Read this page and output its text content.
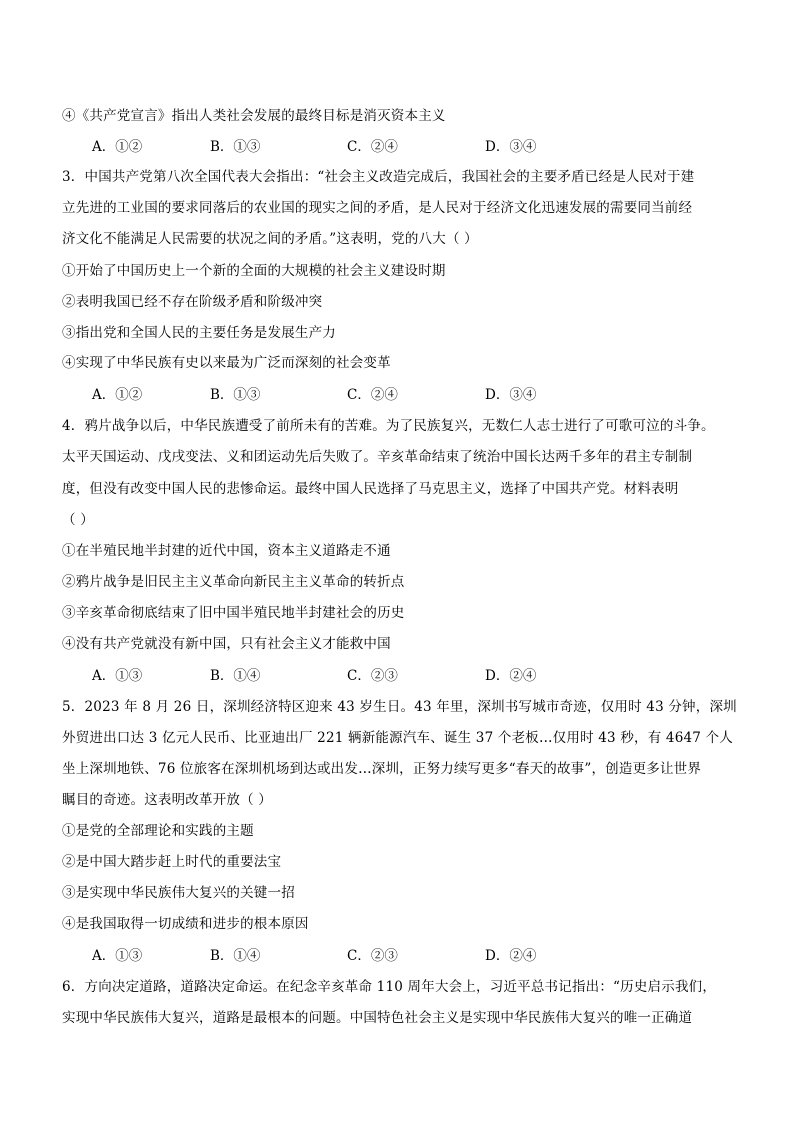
④《共产党宣言》指出人类社会发展的最终目标是消灭资本主义
A．①②	B．①③	C．②④	D．③④
3．中国共产党第八次全国代表大会指出：“社会主义改造完成后，我国社会的主要矛盾已经是人民对于建
立先进的工业国的要求同落后的农业国的现实之间的矛盾，是人民对于经济文化迅速发展的需要同当前经
济文化不能满足人民需要的状况之间的矛盾。”这表明，党的八大（ ）
①开始了中国历史上一个新的全面的大规模的社会主义建设时期
②表明我国已经不存在阶级矛盾和阶级冲突
③指出党和全国人民的主要任务是发展生产力
④实现了中华民族有史以来最为广泛而深刻的社会变革
A．①②	B．①③	C．②④	D．③④
4．鸦片战争以后，中华民族遭受了前所未有的苦难。为了民族复兴，无数仁人志士进行了可歌可泣的斗争。
太平天国运动、戊戌变法、义和团运动先后失败了。辛亥革命结束了统治中国长达两千多年的君主专制制
度，但没有改变中国人民的悲惨命运。最终中国人民选择了马克思主义，选择了中国共产党。材料表明
（ ）
①在半殖民地半封建的近代中国，资本主义道路走不通
②鸦片战争是旧民主主义革命向新民主主义革命的转折点
③辛亥革命彻底结束了旧中国半殖民地半封建社会的历史
④没有共产党就没有新中国，只有社会主义才能救中国
A．①③	B．①④	C．②③	D．②④
5．2023 年 8 月 26 日，深圳经济特区迎来 43 岁生日。43 年里，深圳书写城市奇迹，仅用时 43 分钟，深圳
外贸进出口达 3 亿元人民币、比亚迪出厂 221 辆新能源汽车、诞生 37 个老板…仅用时 43 秒，有 4647 个人
坐上深圳地铁、76 位旅客在深圳机场到达或出发…深圳，正努力续写更多“春天的故事”，创造更多让世界
瞩目的奇迹。这表明改革开放（ ）
①是党的全部理论和实践的主题
②是中国大踏步赶上时代的重要法宝
③是实现中华民族伟大复兴的关键一招
④是我国取得一切成绩和进步的根本原因
A．①③	B．①④	C．②③	D．②④
6．方向决定道路，道路决定命运。在纪念辛亥革命 110 周年大会上，习近平总书记指出：“历史启示我们，
实现中华民族伟大复兴，道路是最根本的问题。中国特色社会主义是实现中华民族伟大复兴的唯一正确道
